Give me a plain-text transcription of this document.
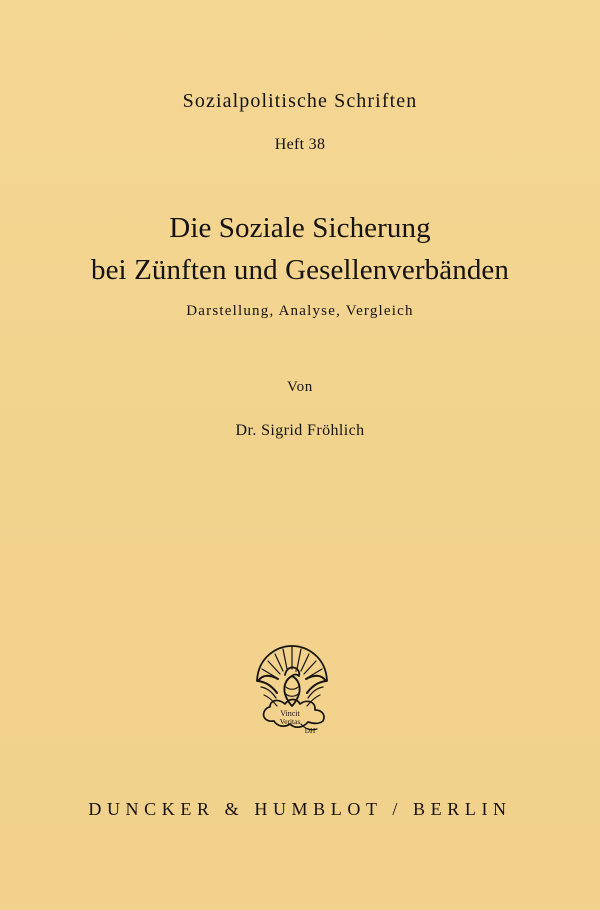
Sozialpolitische Schriften
Heft 38
Die Soziale Sicherung
bei Zünften und Gesellenverbänden
Darstellung, Analyse, Vergleich
Von
Dr. Sigrid Fröhlich
Vincit
Veritas
DH
DUNCKER & HUMBLOT / BERLIN
